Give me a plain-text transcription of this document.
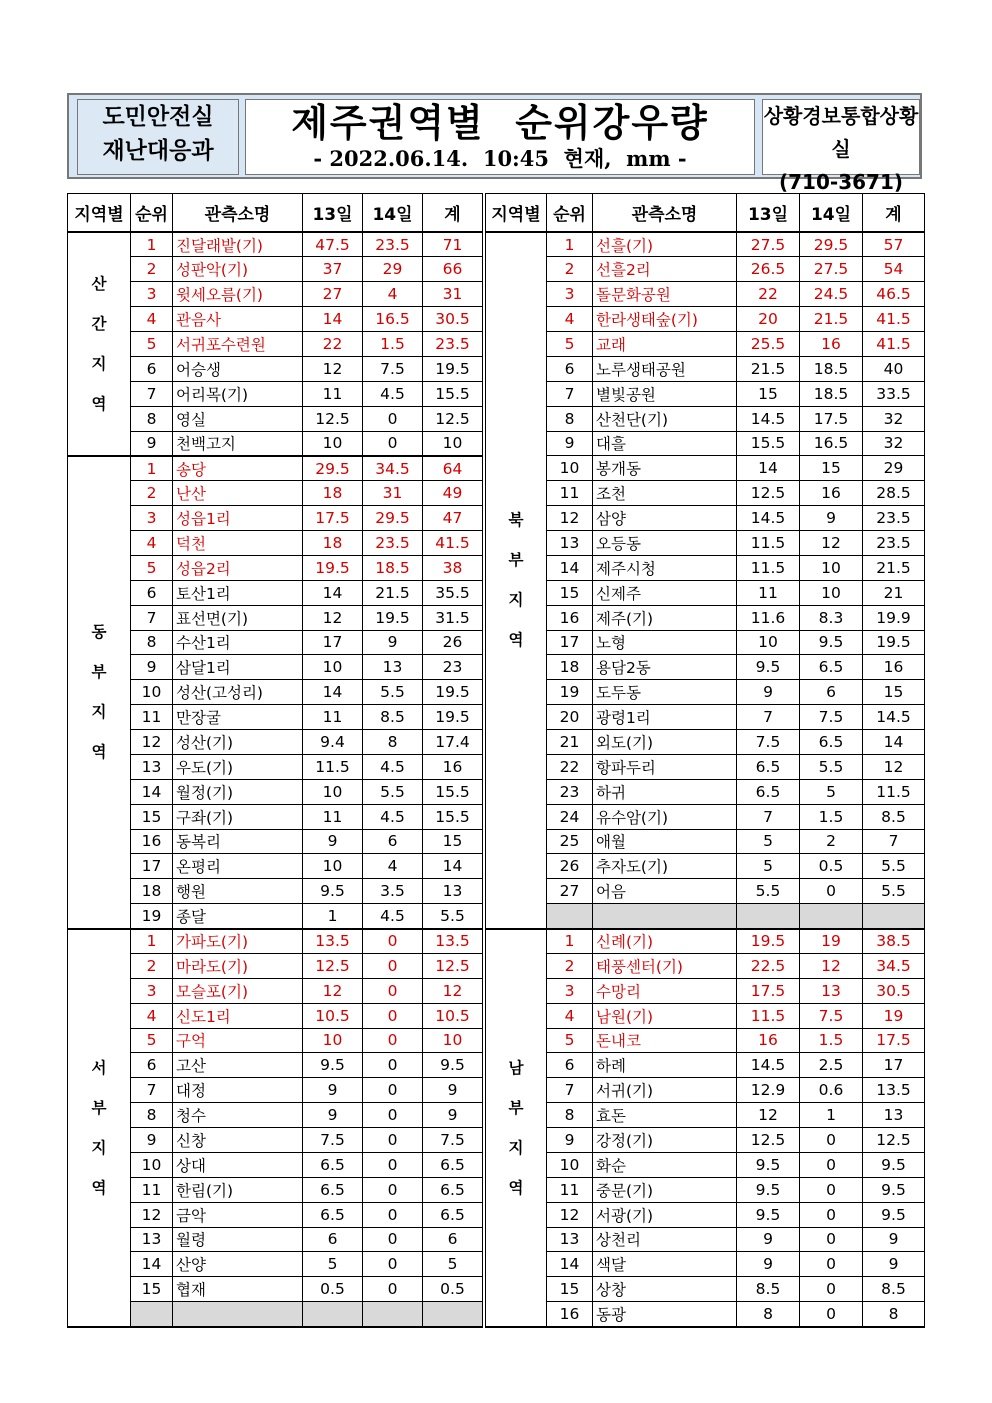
도민안전실
재난대응과
제주권역별  순위강우량
- 2022.06.14.  10:45  현재,  mm -
상황경보통합상황실
(710-3671)
지역별	순위	관측소명	13일	14일	계		지역별	순위	관측소명	13일	14일	계

산간지역	1	진달래밭(기)	47.5	23.5	71		북부지역	1	선흘(기)	27.5	29.5	57
	2	성판악(기)	37	29	66			2	선흘2리	26.5	27.5	54
	3	윗세오름(기)	27	4	31			3	돌문화공원	22	24.5	46.5
	4	관음사	14	16.5	30.5			4	한라생태숲(기)	20	21.5	41.5
	5	서귀포수련원	22	1.5	23.5			5	교래	25.5	16	41.5
	6	어승생	12	7.5	19.5			6	노루생태공원	21.5	18.5	40
	7	어리목(기)	11	4.5	15.5			7	별빛공원	15	18.5	33.5
	8	영실	12.5	0	12.5			8	산천단(기)	14.5	17.5	32
	9	천백고지	10	0	10			9	대흘	15.5	16.5	32

동부지역	1	송당	29.5	34.5	64			10	봉개동	14	15	29
	2	난산	18	31	49			11	조천	12.5	16	28.5
	3	성읍1리	17.5	29.5	47			12	삼양	14.5	9	23.5
	4	덕천	18	23.5	41.5			13	오등동	11.5	12	23.5
	5	성읍2리	19.5	18.5	38			14	제주시청	11.5	10	21.5
	6	토산1리	14	21.5	35.5			15	신제주	11	10	21
	7	표선면(기)	12	19.5	31.5			16	제주(기)	11.6	8.3	19.9
	8	수산1리	17	9	26			17	노형	10	9.5	19.5
	9	삼달1리	10	13	23			18	용담2동	9.5	6.5	16
	10	성산(고성리)	14	5.5	19.5			19	도두동	9	6	15
	11	만장굴	11	8.5	19.5			20	광령1리	7	7.5	14.5
	12	성산(기)	9.4	8	17.4			21	외도(기)	7.5	6.5	14
	13	우도(기)	11.5	4.5	16			22	항파두리	6.5	5.5	12
	14	월정(기)	10	5.5	15.5			23	하귀	6.5	5	11.5
	15	구좌(기)	11	4.5	15.5			24	유수암(기)	7	1.5	8.5
	16	동복리	9	6	15			25	애월	5	2	7
	17	온평리	10	4	14			26	추자도(기)	5	0.5	5.5
	18	행원	9.5	3.5	13			27	어음	5.5	0	5.5
	19	종달	1	4.5	5.5							

서부지역	1	가파도(기)	13.5	0	13.5		남부지역	1	신례(기)	19.5	19	38.5
	2	마라도(기)	12.5	0	12.5			2	태풍센터(기)	22.5	12	34.5
	3	모슬포(기)	12	0	12			3	수망리	17.5	13	30.5
	4	신도1리	10.5	0	10.5			4	남원(기)	11.5	7.5	19
	5	구억	10	0	10			5	돈내코	16	1.5	17.5
	6	고산	9.5	0	9.5			6	하례	14.5	2.5	17
	7	대정	9	0	9			7	서귀(기)	12.9	0.6	13.5
	8	청수	9	0	9			8	효돈	12	1	13
	9	신창	7.5	0	7.5			9	강정(기)	12.5	0	12.5
	10	상대	6.5	0	6.5			10	화순	9.5	0	9.5
	11	한림(기)	6.5	0	6.5			11	중문(기)	9.5	0	9.5
	12	금악	6.5	0	6.5			12	서광(기)	9.5	0	9.5
	13	월령	6	0	6			13	상천리	9	0	9
	14	산양	5	0	5			14	색달	9	0	9
	15	협재	0.5	0	0.5			15	상창	8.5	0	8.5
								16	동광	8	0	8
